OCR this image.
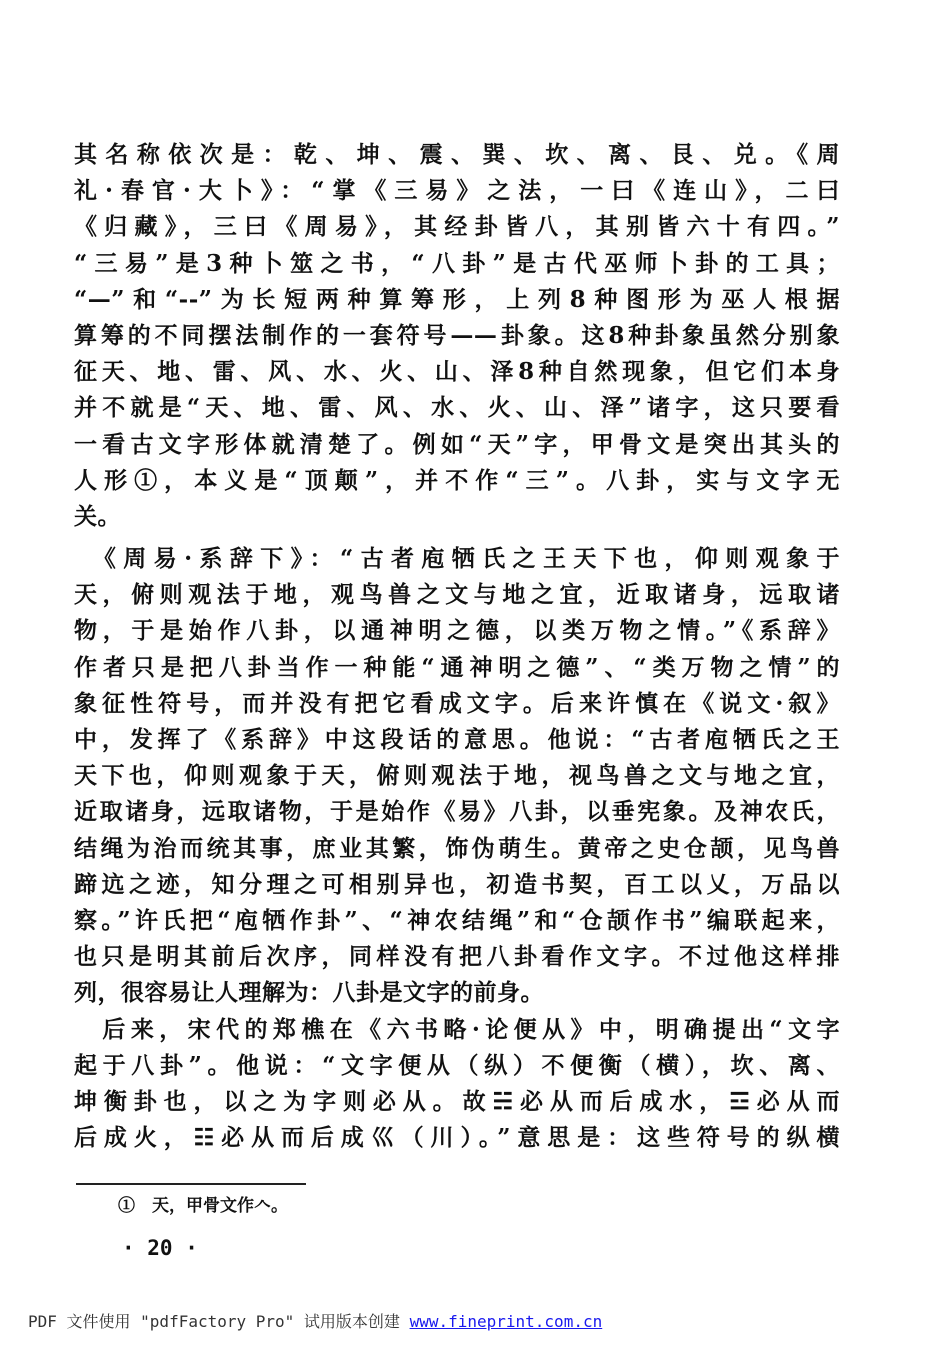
其名称依次是：乾、坤、震、巽、坎、离、艮、兑。《周
礼·春官·大卜》：“掌《三易》之法，一曰《连山》，二曰
《归藏》，三曰《周易》，其经卦皆八，其别皆六十有四。”
“三易”是3种卜筮之书，“八卦”是古代巫师卜卦的工具；
“—”和“--”为长短两种算筹形，上列8种图形为巫人根据
算筹的不同摆法制作的一套符号——卦象。这8种卦象虽然分别象
征天、地、雷、风、水、火、山、泽8种自然现象，但它们本身
并不就是“天、地、雷、风、水、火、山、泽”诸字，这只要看
一看古文字形体就清楚了。例如“天”字，甲骨文是突出其头的
人形①，本义是“顶颠”，并不作“三”。八卦，实与文字无
关。
　《周易·系辞下》：“古者庖牺氏之王天下也，仰则观象于
天，俯则观法于地，观鸟兽之文与地之宜，近取诸身，远取诸
物，于是始作八卦，以通神明之德，以类万物之情。”《系辞》
作者只是把八卦当作一种能“通神明之德”、“类万物之情”的
象征性符号，而并没有把它看成文字。后来许慎在《说文·叙》
中，发挥了《系辞》中这段话的意思。他说：“古者庖牺氏之王
天下也，仰则观象于天，俯则观法于地，视鸟兽之文与地之宜，
近取诸身，远取诸物，于是始作《易》八卦，以垂宪象。及神农氏，
结绳为治而统其事，庶业其繁，饰伪萌生。黄帝之史仓颉，见鸟兽
蹄迒之迹，知分理之可相别异也，初造书契，百工以乂，万品以
察。”许氏把“庖牺作卦”、“神农结绳”和“仓颉作书”编联起来，
也只是明其前后次序，同样没有把八卦看作文字。不过他这样排
列，很容易让人理解为：八卦是文字的前身。
　后来，宋代的郑樵在《六书略·论便从》中，明确提出“文字
起于八卦”。他说：“文字便从（纵）不便衡（横），坎、离、
坤衡卦也，以之为字则必从。故☵必从而后成水，☲必从而
后成火，☷必从而后成巛（川）。”意思是：这些符号的纵横
①　天，甲骨文作𠆢。
· 20 ·
PDF 文件使用 "pdfFactory Pro" 试用版本创建 www.fineprint.com.cn
